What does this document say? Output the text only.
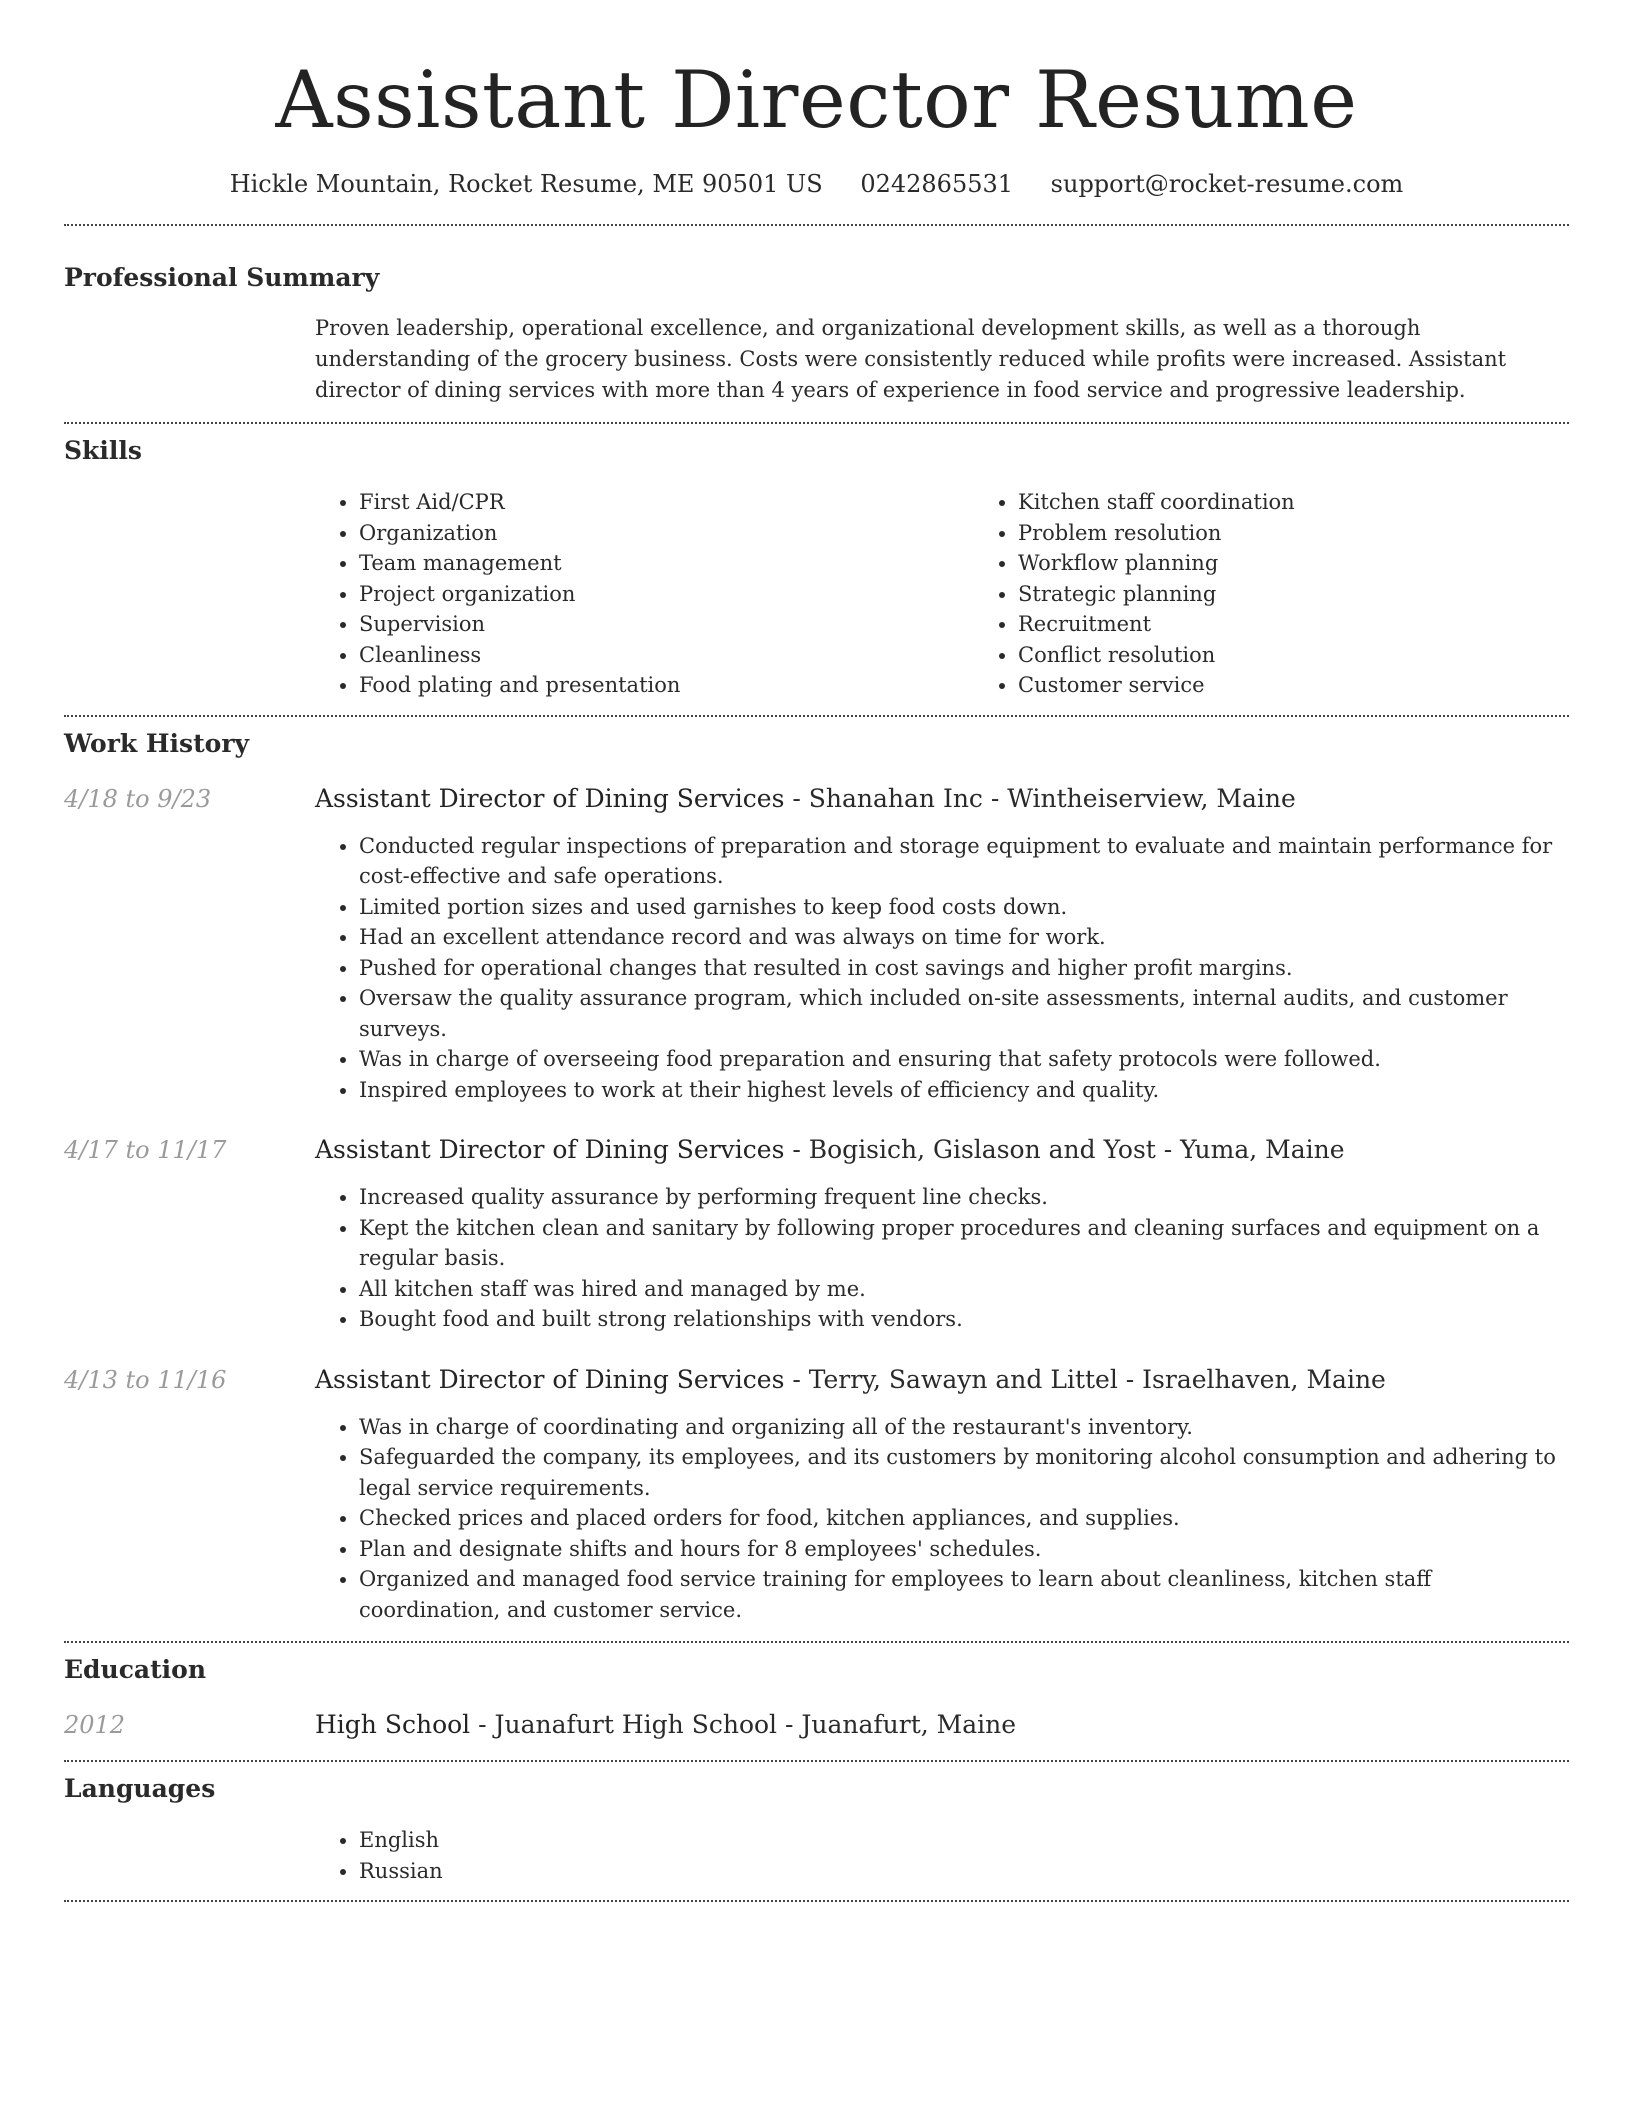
Assistant Director Resume
Hickle Mountain, Rocket Resume, ME 90501 US 0242865531 support@rocket-resume.com
Professional Summary
Proven leadership, operational excellence, and organizational development skills, as well as a thorough understanding of the grocery business. Costs were consistently reduced while profits were increased. Assistant director of dining services with more than 4 years of experience in food service and progressive leadership.
Skills
• First Aid/CPR
• Organization
• Team management
• Project organization
• Supervision
• Cleanliness
• Food plating and presentation
• Kitchen staff coordination
• Problem resolution
• Workflow planning
• Strategic planning
• Recruitment
• Conflict resolution
• Customer service
Work History
4/18 to 9/23	Assistant Director of Dining Services - Shanahan Inc - Wintheiserview, Maine
• Conducted regular inspections of preparation and storage equipment to evaluate and maintain performance for cost-effective and safe operations.
• Limited portion sizes and used garnishes to keep food costs down.
• Had an excellent attendance record and was always on time for work.
• Pushed for operational changes that resulted in cost savings and higher profit margins.
• Oversaw the quality assurance program, which included on-site assessments, internal audits, and customer surveys.
• Was in charge of overseeing food preparation and ensuring that safety protocols were followed.
• Inspired employees to work at their highest levels of efficiency and quality.
4/17 to 11/17	Assistant Director of Dining Services - Bogisich, Gislason and Yost - Yuma, Maine
• Increased quality assurance by performing frequent line checks.
• Kept the kitchen clean and sanitary by following proper procedures and cleaning surfaces and equipment on a regular basis.
• All kitchen staff was hired and managed by me.
• Bought food and built strong relationships with vendors.
4/13 to 11/16	Assistant Director of Dining Services - Terry, Sawayn and Littel - Israelhaven, Maine
• Was in charge of coordinating and organizing all of the restaurant's inventory.
• Safeguarded the company, its employees, and its customers by monitoring alcohol consumption and adhering to legal service requirements.
• Checked prices and placed orders for food, kitchen appliances, and supplies.
• Plan and designate shifts and hours for 8 employees' schedules.
• Organized and managed food service training for employees to learn about cleanliness, kitchen staff coordination, and customer service.
Education
2012	High School - Juanafurt High School - Juanafurt, Maine
Languages
• English
• Russian
